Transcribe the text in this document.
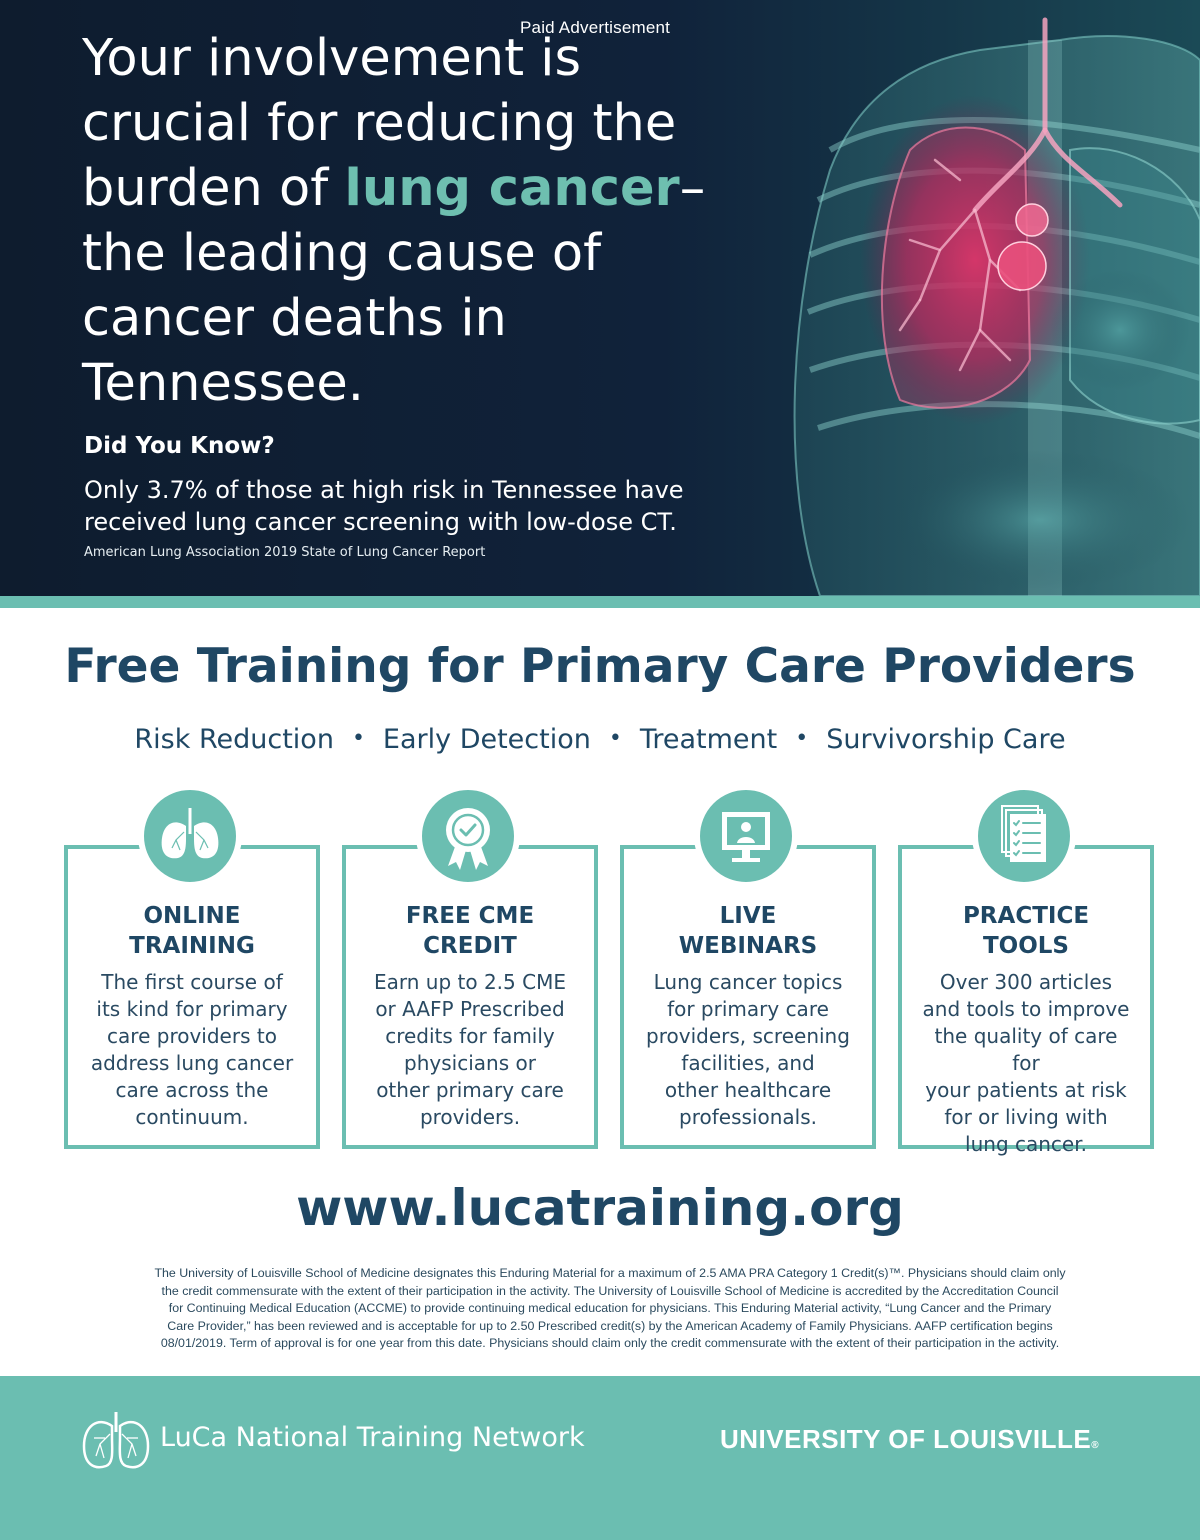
Paid Advertisement
Your involvement is
crucial for reducing the
burden of lung cancer–
the leading cause of
cancer deaths in Tennessee.
Did You Know?
Only 3.7% of those at high risk in Tennessee have
received lung cancer screening with low-dose CT.
American Lung Association 2019 State of Lung Cancer Report
Free Training for Primary Care Providers
Risk Reduction • Early Detection • Treatment • Survivorship Care
ONLINE
TRAINING
The first course of
its kind for primary
care providers to
address lung cancer
care across the
continuum.
FREE CME
CREDIT
Earn up to 2.5 CME
or AAFP Prescribed
credits for family
physicians or
other primary care
providers.
LIVE
WEBINARS
Lung cancer topics
for primary care
providers, screening
facilities, and
other healthcare
professionals.
PRACTICE
TOOLS
Over 300 articles
and tools to improve
the quality of care for
your patients at risk
for or living with
lung cancer.
www.lucatraining.org
The University of Louisville School of Medicine designates this Enduring Material for a maximum of 2.5 AMA PRA Category 1 Credit(s)™. Physicians should claim only
the credit commensurate with the extent of their participation in the activity. The University of Louisville School of Medicine is accredited by the Accreditation Council
for Continuing Medical Education (ACCME) to provide continuing medical education for physicians. This Enduring Material activity, “Lung Cancer and the Primary
Care Provider,” has been reviewed and is acceptable for up to 2.50 Prescribed credit(s) by the American Academy of Family Physicians. AAFP certification begins
08/01/2019. Term of approval is for one year from this date. Physicians should claim only the credit commensurate with the extent of their participation in the activity.
LuCa National Training Network	UNIVERSITY OF LOUISVILLE®
